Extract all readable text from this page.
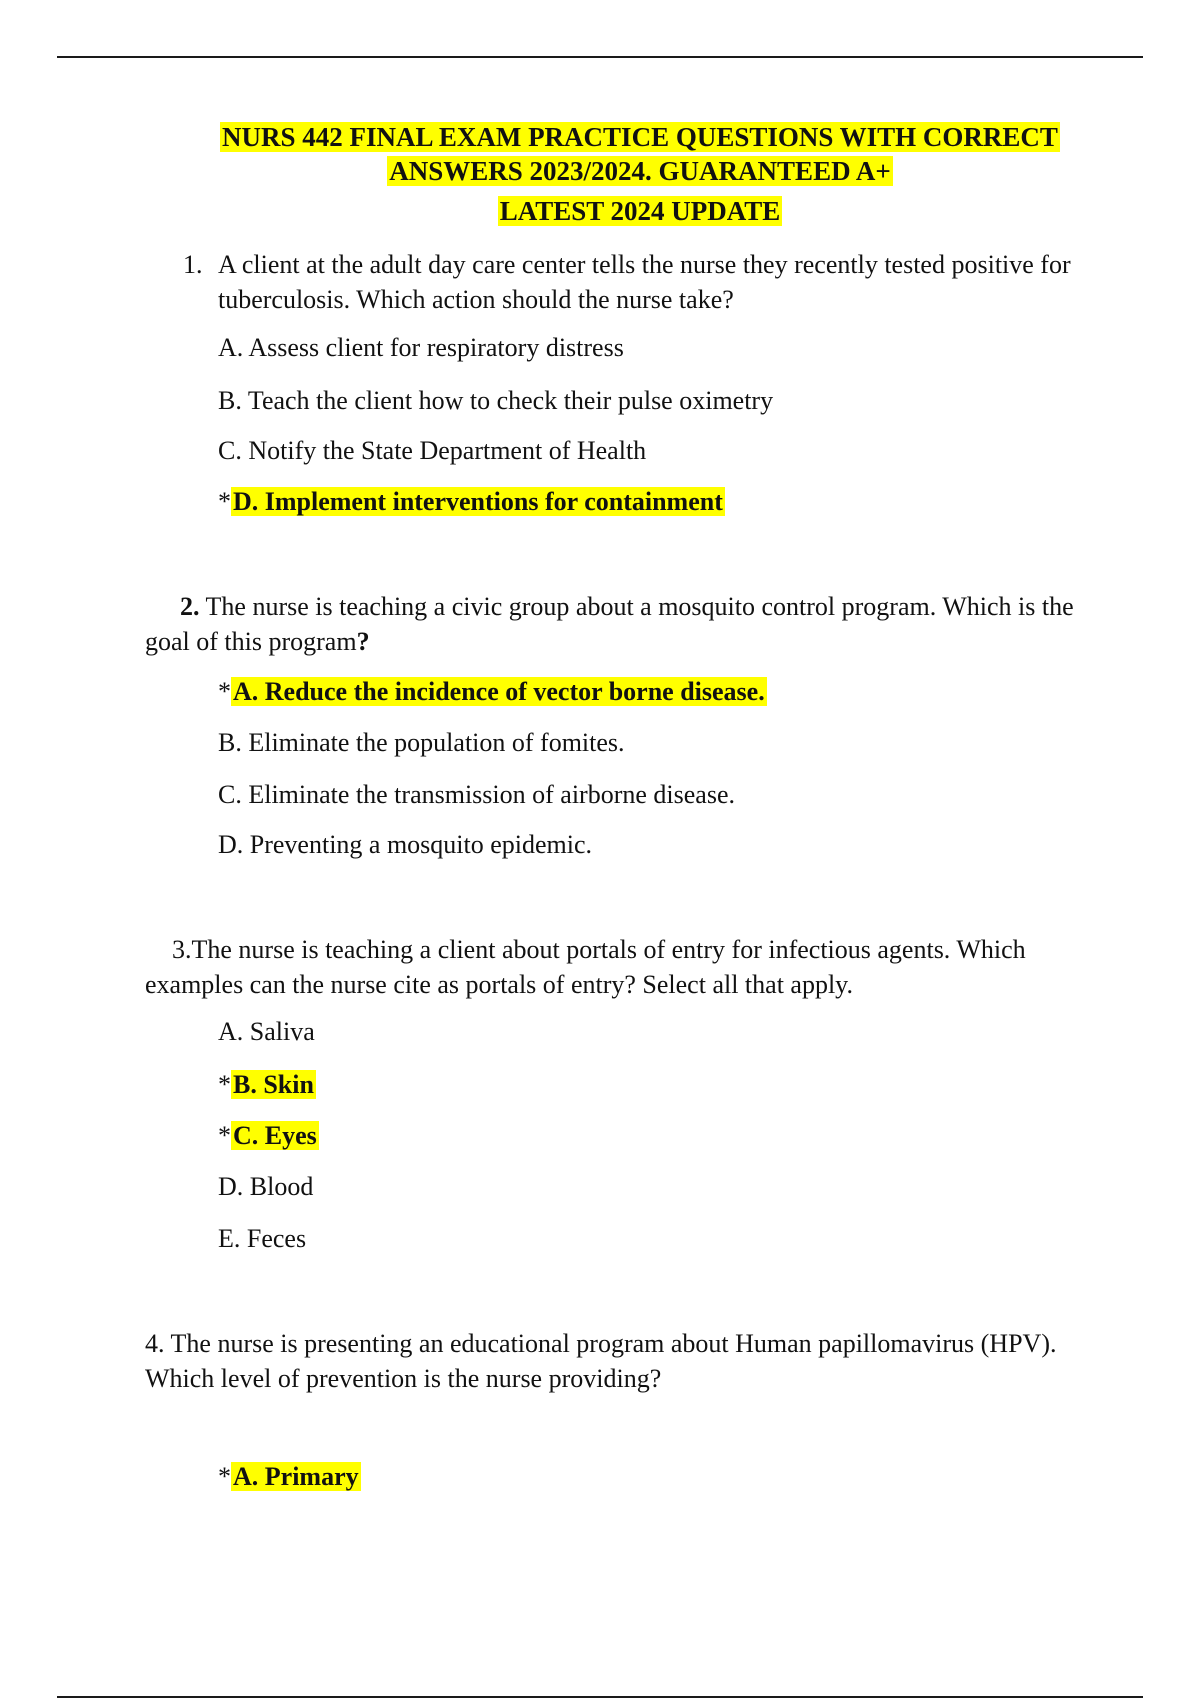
NURS 442 FINAL EXAM PRACTICE QUESTIONS WITH CORRECT
ANSWERS 2023/2024. GUARANTEED A+
LATEST 2024 UPDATE
1. A client at the adult day care center tells the nurse they recently tested positive for tuberculosis. Which action should the nurse take?
A. Assess client for respiratory distress
B. Teach the client how to check their pulse oximetry
C. Notify the State Department of Health
*D. Implement interventions for containment
2. The nurse is teaching a civic group about a mosquito control program. Which is the goal of this program?
*A. Reduce the incidence of vector borne disease.
B. Eliminate the population of fomites.
C. Eliminate the transmission of airborne disease.
D. Preventing a mosquito epidemic.
3.The nurse is teaching a client about portals of entry for infectious agents. Which examples can the nurse cite as portals of entry? Select all that apply.
A. Saliva
*B. Skin
*C. Eyes
D. Blood
E. Feces
4. The nurse is presenting an educational program about Human papillomavirus (HPV). Which level of prevention is the nurse providing?
*A. Primary
